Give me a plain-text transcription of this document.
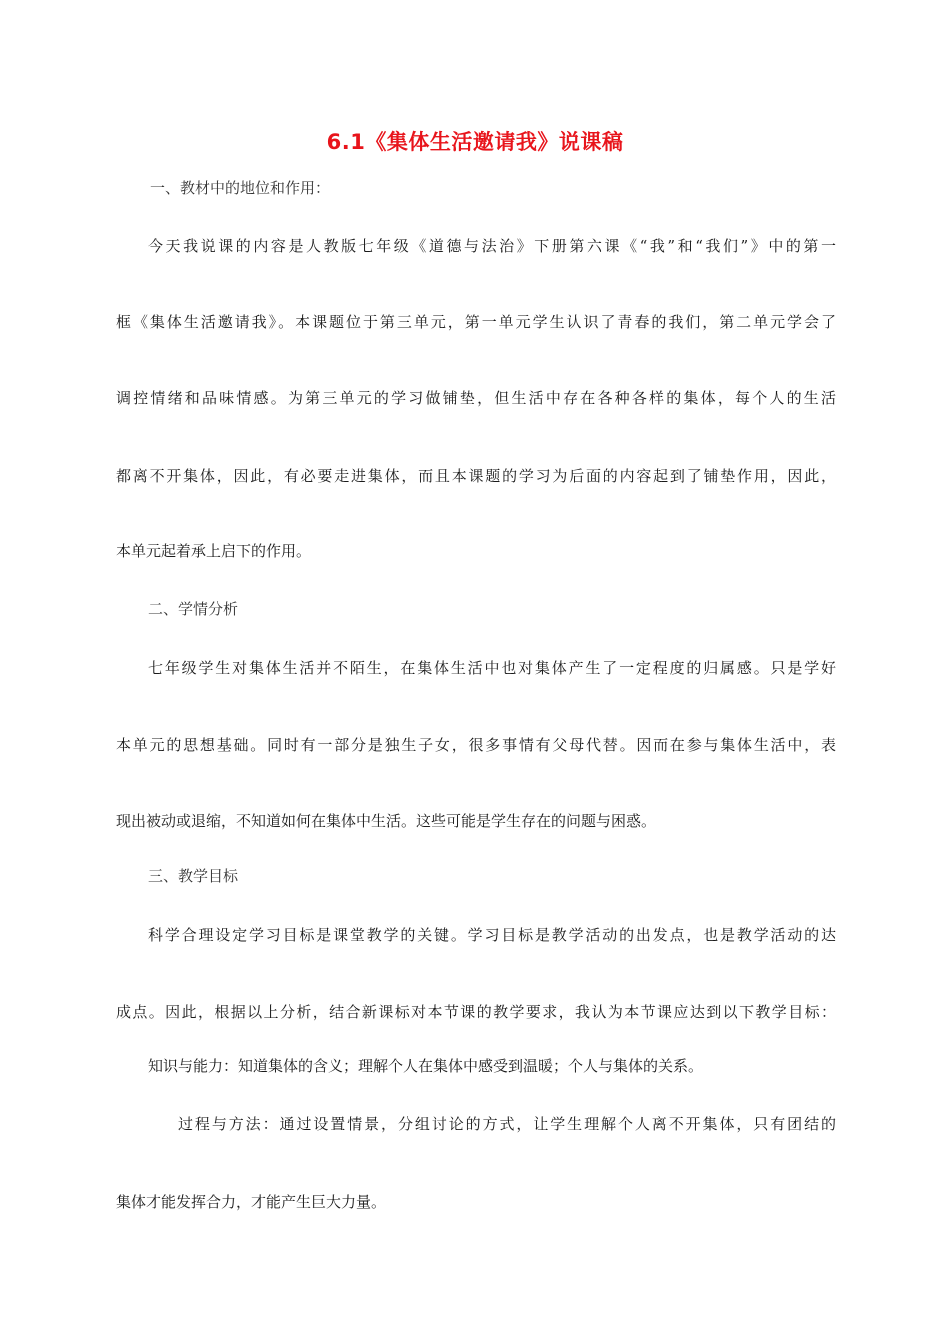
6.1《集体生活邀请我》说课稿
一、教材中的地位和作用：
今天我说课的内容是人教版七年级《道德与法治》下册第六课《“我”和“我们”》中的第一
框《集体生活邀请我》。本课题位于第三单元，第一单元学生认识了青春的我们，第二单元学会了
调控情绪和品味情感。为第三单元的学习做铺垫，但生活中存在各种各样的集体，每个人的生活
都离不开集体，因此，有必要走进集体，而且本课题的学习为后面的内容起到了铺垫作用，因此，
本单元起着承上启下的作用。
二、学情分析
七年级学生对集体生活并不陌生，在集体生活中也对集体产生了一定程度的归属感。只是学好
本单元的思想基础。同时有一部分是独生子女，很多事情有父母代替。因而在参与集体生活中，表
现出被动或退缩，不知道如何在集体中生活。这些可能是学生存在的问题与困惑。
三、教学目标
科学合理设定学习目标是课堂教学的关键。学习目标是教学活动的出发点，也是教学活动的达
成点。因此，根据以上分析，结合新课标对本节课的教学要求，我认为本节课应达到以下教学目标：
知识与能力：知道集体的含义；理解个人在集体中感受到温暖；个人与集体的关系。
过程与方法：通过设置情景，分组讨论的方式，让学生理解个人离不开集体，只有团结的
集体才能发挥合力，才能产生巨大力量。
